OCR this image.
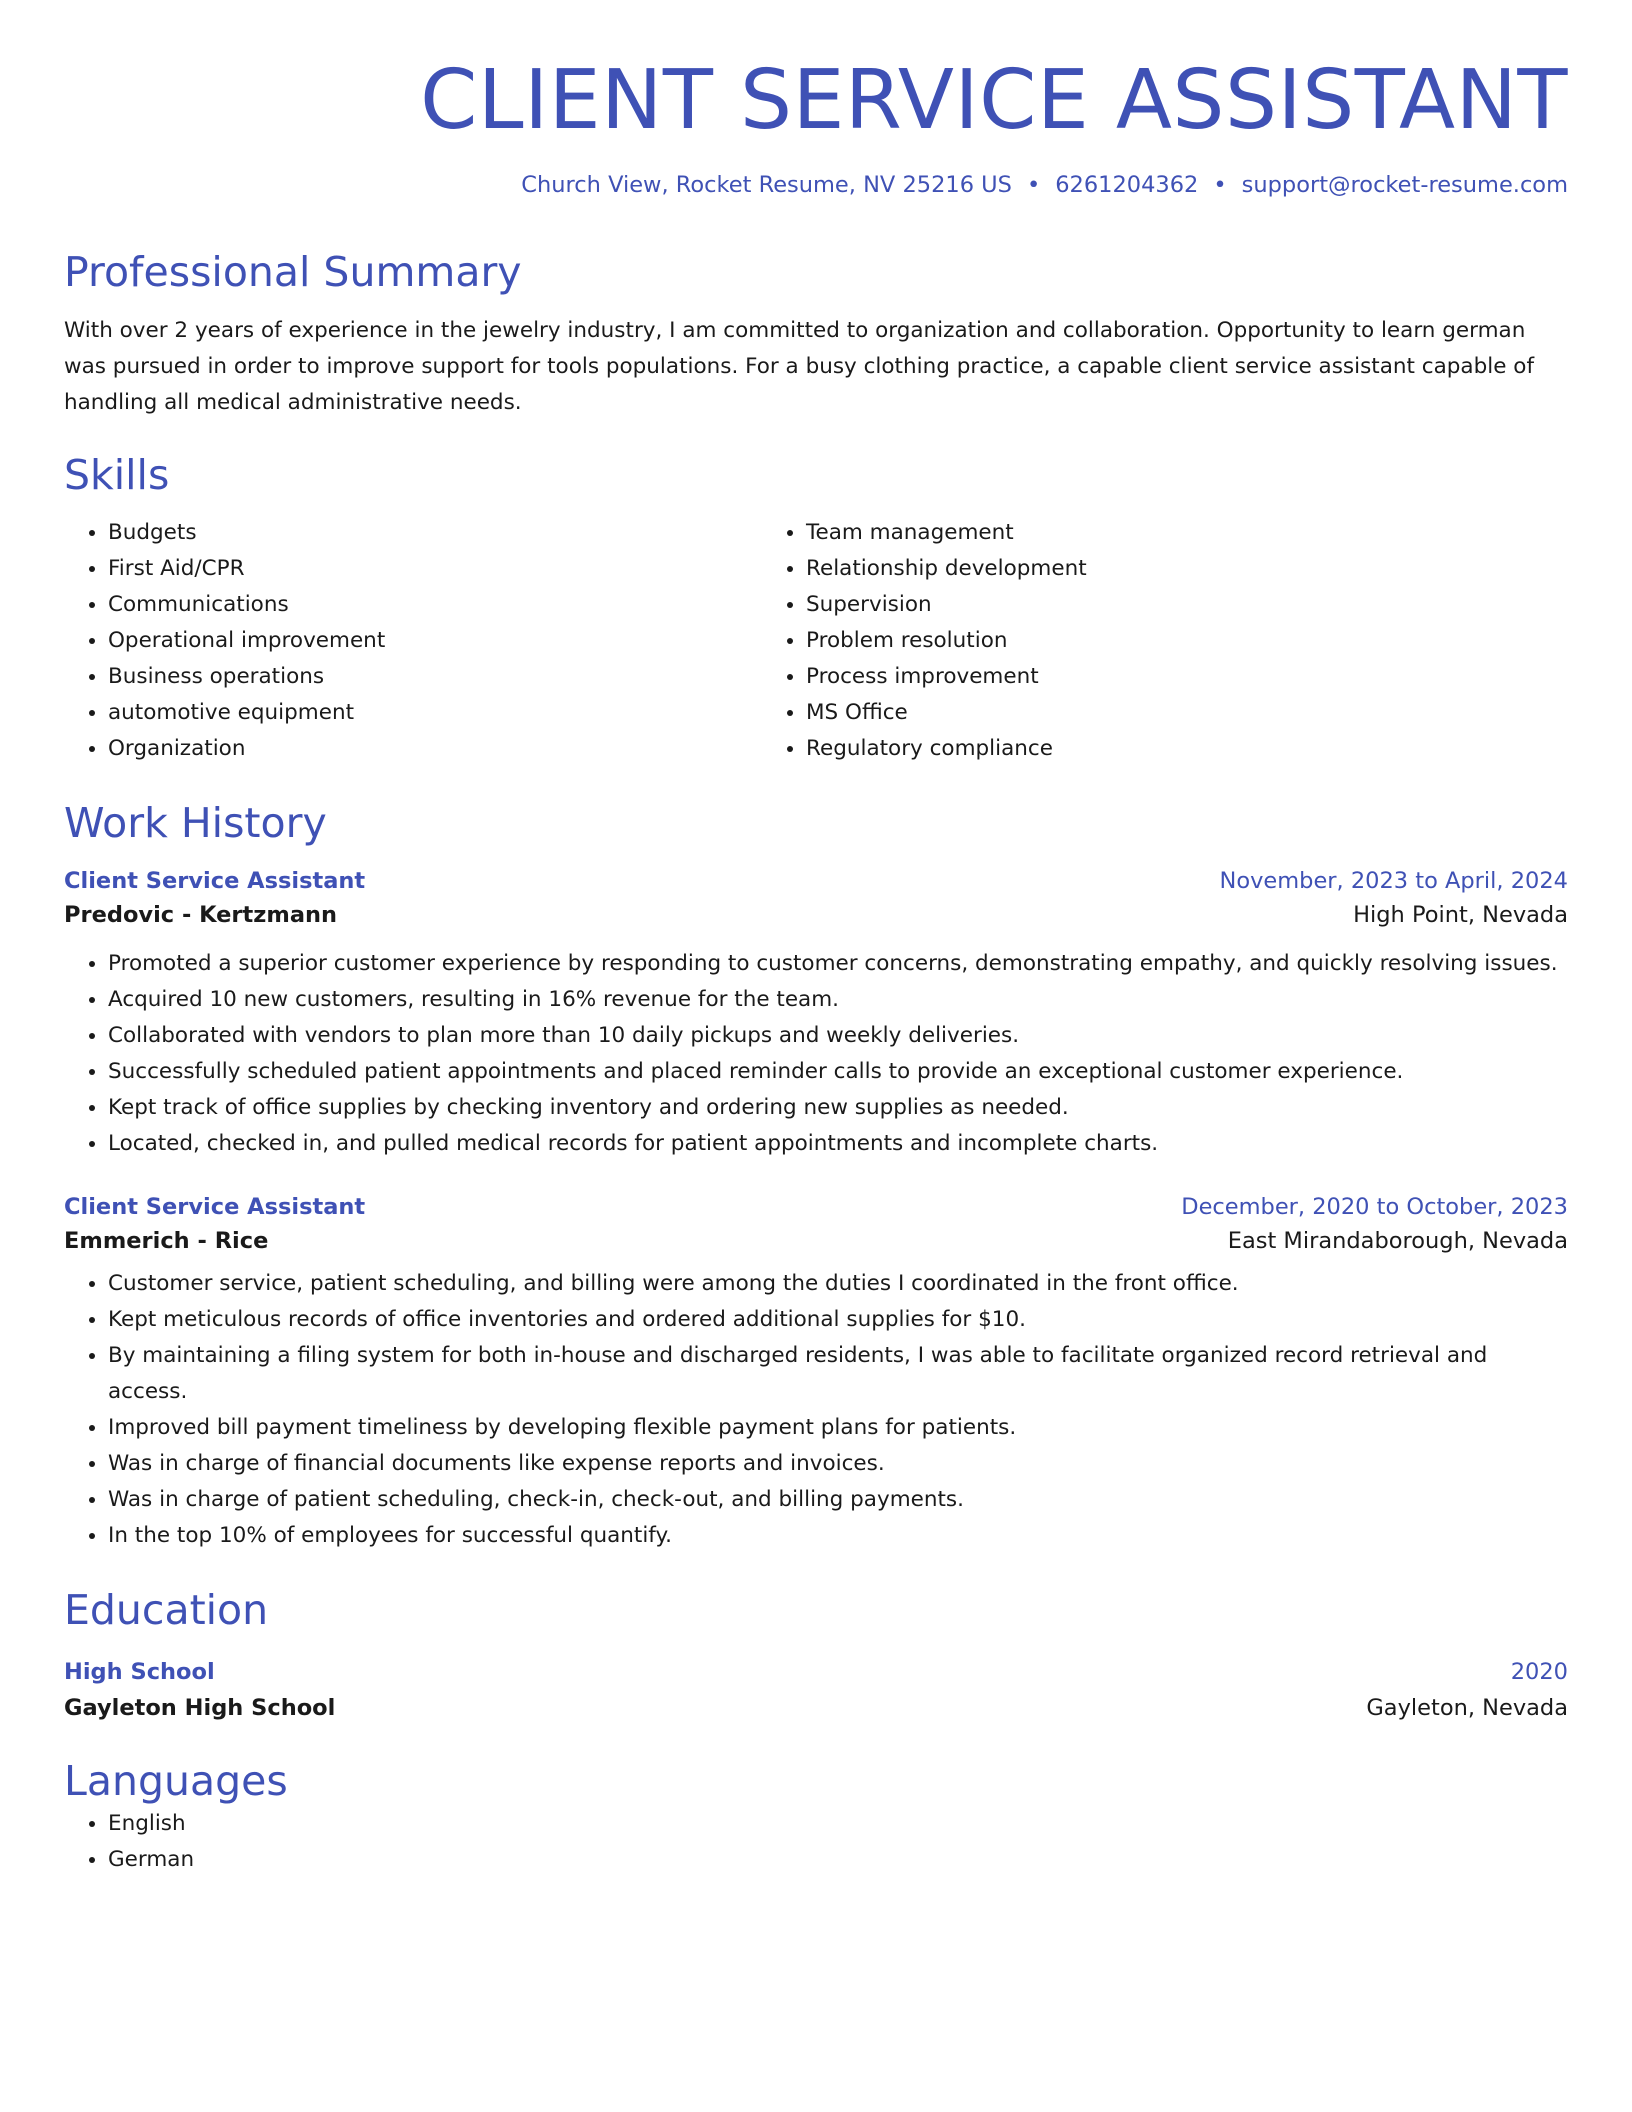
CLIENT SERVICE ASSISTANT
Church View, Rocket Resume, NV 25216 US • 6261204362 • support@rocket-resume.com
Professional Summary
With over 2 years of experience in the jewelry industry, I am committed to organization and collaboration. Opportunity to learn german was pursued in order to improve support for tools populations. For a busy clothing practice, a capable client service assistant capable of handling all medical administrative needs.
Skills
• Budgets
• First Aid/CPR
• Communications
• Operational improvement
• Business operations
• automotive equipment
• Organization
• Team management
• Relationship development
• Supervision
• Problem resolution
• Process improvement
• MS Office
• Regulatory compliance
Work History
Client Service Assistant	November, 2023 to April, 2024
Predovic - Kertzmann	High Point, Nevada
• Promoted a superior customer experience by responding to customer concerns, demonstrating empathy, and quickly resolving issues.
• Acquired 10 new customers, resulting in 16% revenue for the team.
• Collaborated with vendors to plan more than 10 daily pickups and weekly deliveries.
• Successfully scheduled patient appointments and placed reminder calls to provide an exceptional customer experience.
• Kept track of office supplies by checking inventory and ordering new supplies as needed.
• Located, checked in, and pulled medical records for patient appointments and incomplete charts.
Client Service Assistant	December, 2020 to October, 2023
Emmerich - Rice	East Mirandaborough, Nevada
• Customer service, patient scheduling, and billing were among the duties I coordinated in the front office.
• Kept meticulous records of office inventories and ordered additional supplies for $10.
• By maintaining a filing system for both in-house and discharged residents, I was able to facilitate organized record retrieval and access.
• Improved bill payment timeliness by developing flexible payment plans for patients.
• Was in charge of financial documents like expense reports and invoices.
• Was in charge of patient scheduling, check-in, check-out, and billing payments.
• In the top 10% of employees for successful quantify.
Education
High School	2020
Gayleton High School	Gayleton, Nevada
Languages
• English
• German
